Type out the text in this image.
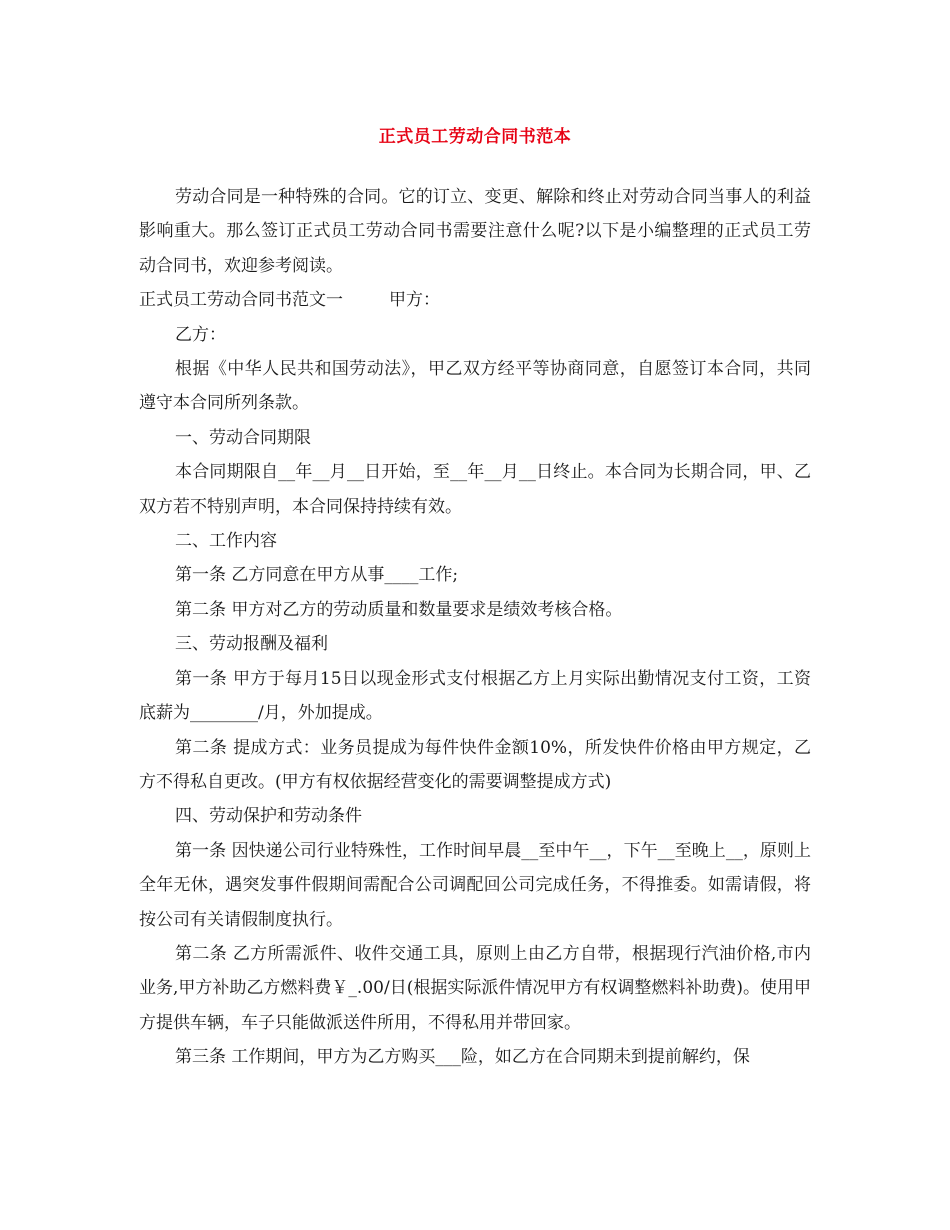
正式员工劳动合同书范本

劳动合同是一种特殊的合同。它的订立、变更、解除和终止对劳动合同当事人的利益影响重大。那么签订正式员工劳动合同书需要注意什么呢?以下是小编整理的正式员工劳动合同书，欢迎参考阅读。

正式员工劳动合同书范文一	甲方：

乙方：

根据《中华人民共和国劳动法》，甲乙双方经平等协商同意，自愿签订本合同，共同遵守本合同所列条款。

一、劳动合同期限

本合同期限自__年__月__日开始，至__年__月__日终止。本合同为长期合同，甲、乙双方若不特别声明，本合同保持持续有效。

二、工作内容

第一条 乙方同意在甲方从事____工作;

第二条 甲方对乙方的劳动质量和数量要求是绩效考核合格。

三、劳动报酬及福利

第一条 甲方于每月15日以现金形式支付根据乙方上月实际出勤情况支付工资，工资底薪为________/月，外加提成。

第二条 提成方式：业务员提成为每件快件金额10%，所发快件价格由甲方规定，乙方不得私自更改。(甲方有权依据经营变化的需要调整提成方式)

四、劳动保护和劳动条件

第一条 因快递公司行业特殊性，工作时间早晨__至中午__，下午__至晚上__，原则上全年无休，遇突发事件假期间需配合公司调配回公司完成任务，不得推委。如需请假，将按公司有关请假制度执行。

第二条 乙方所需派件、收件交通工具，原则上由乙方自带，根据现行汽油价格,市内业务,甲方补助乙方燃料费￥_.00/日(根据实际派件情况甲方有权调整燃料补助费)。使用甲方提供车辆，车子只能做派送件所用，不得私用并带回家。

第三条 工作期间，甲方为乙方购买___险，如乙方在合同期未到提前解约，保
